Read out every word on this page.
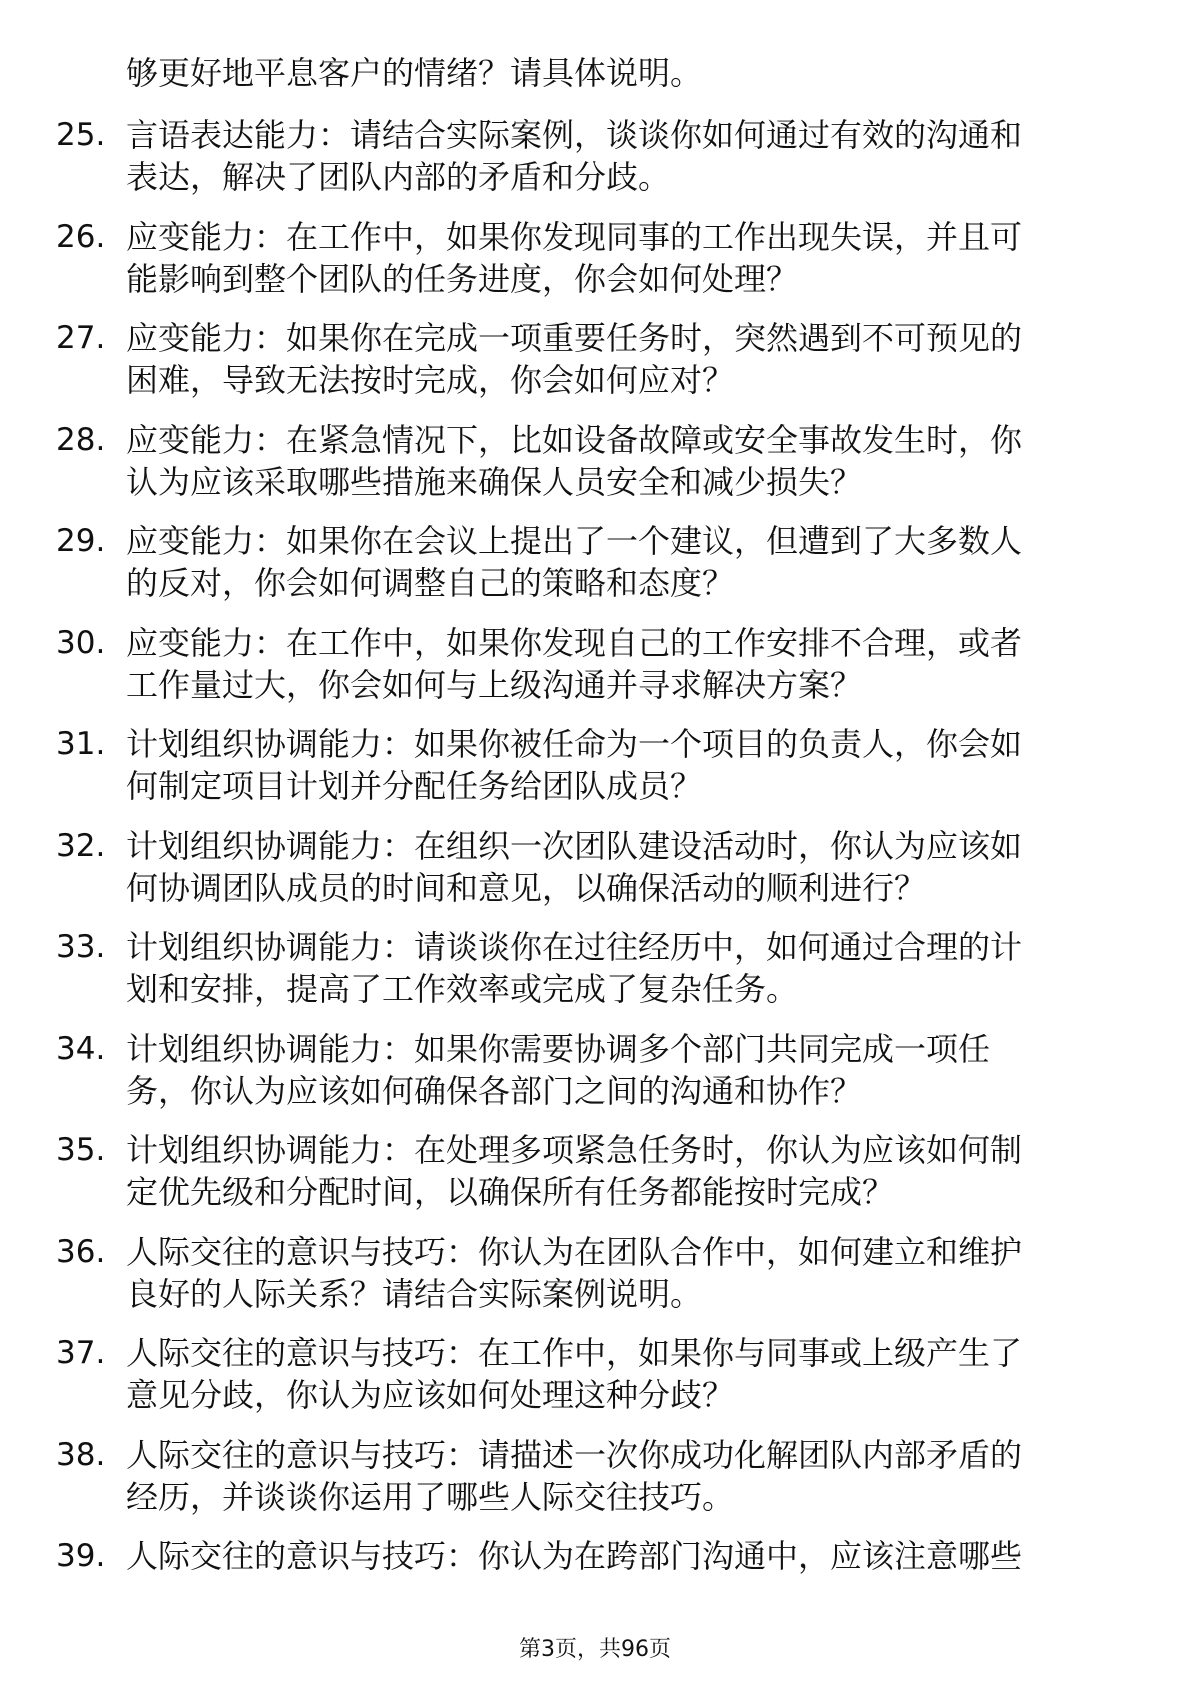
够更好地平息客户的情绪？请具体说明。
25. 言语表达能力：请结合实际案例，谈谈你如何通过有效的沟通和
表达，解决了团队内部的矛盾和分歧。
26. 应变能力：在工作中，如果你发现同事的工作出现失误，并且可
能影响到整个团队的任务进度，你会如何处理？
27. 应变能力：如果你在完成一项重要任务时，突然遇到不可预见的
困难，导致无法按时完成，你会如何应对？
28. 应变能力：在紧急情况下，比如设备故障或安全事故发生时，你
认为应该采取哪些措施来确保人员安全和减少损失？
29. 应变能力：如果你在会议上提出了一个建议，但遭到了大多数人
的反对，你会如何调整自己的策略和态度？
30. 应变能力：在工作中，如果你发现自己的工作安排不合理，或者
工作量过大，你会如何与上级沟通并寻求解决方案？
31. 计划组织协调能力：如果你被任命为一个项目的负责人，你会如
何制定项目计划并分配任务给团队成员？
32. 计划组织协调能力：在组织一次团队建设活动时，你认为应该如
何协调团队成员的时间和意见，以确保活动的顺利进行？
33. 计划组织协调能力：请谈谈你在过往经历中，如何通过合理的计
划和安排，提高了工作效率或完成了复杂任务。
34. 计划组织协调能力：如果你需要协调多个部门共同完成一项任
务，你认为应该如何确保各部门之间的沟通和协作？
35. 计划组织协调能力：在处理多项紧急任务时，你认为应该如何制
定优先级和分配时间，以确保所有任务都能按时完成？
36. 人际交往的意识与技巧：你认为在团队合作中，如何建立和维护
良好的人际关系？请结合实际案例说明。
37. 人际交往的意识与技巧：在工作中，如果你与同事或上级产生了
意见分歧，你认为应该如何处理这种分歧？
38. 人际交往的意识与技巧：请描述一次你成功化解团队内部矛盾的
经历，并谈谈你运用了哪些人际交往技巧。
39. 人际交往的意识与技巧：你认为在跨部门沟通中，应该注意哪些
第3页，共96页
